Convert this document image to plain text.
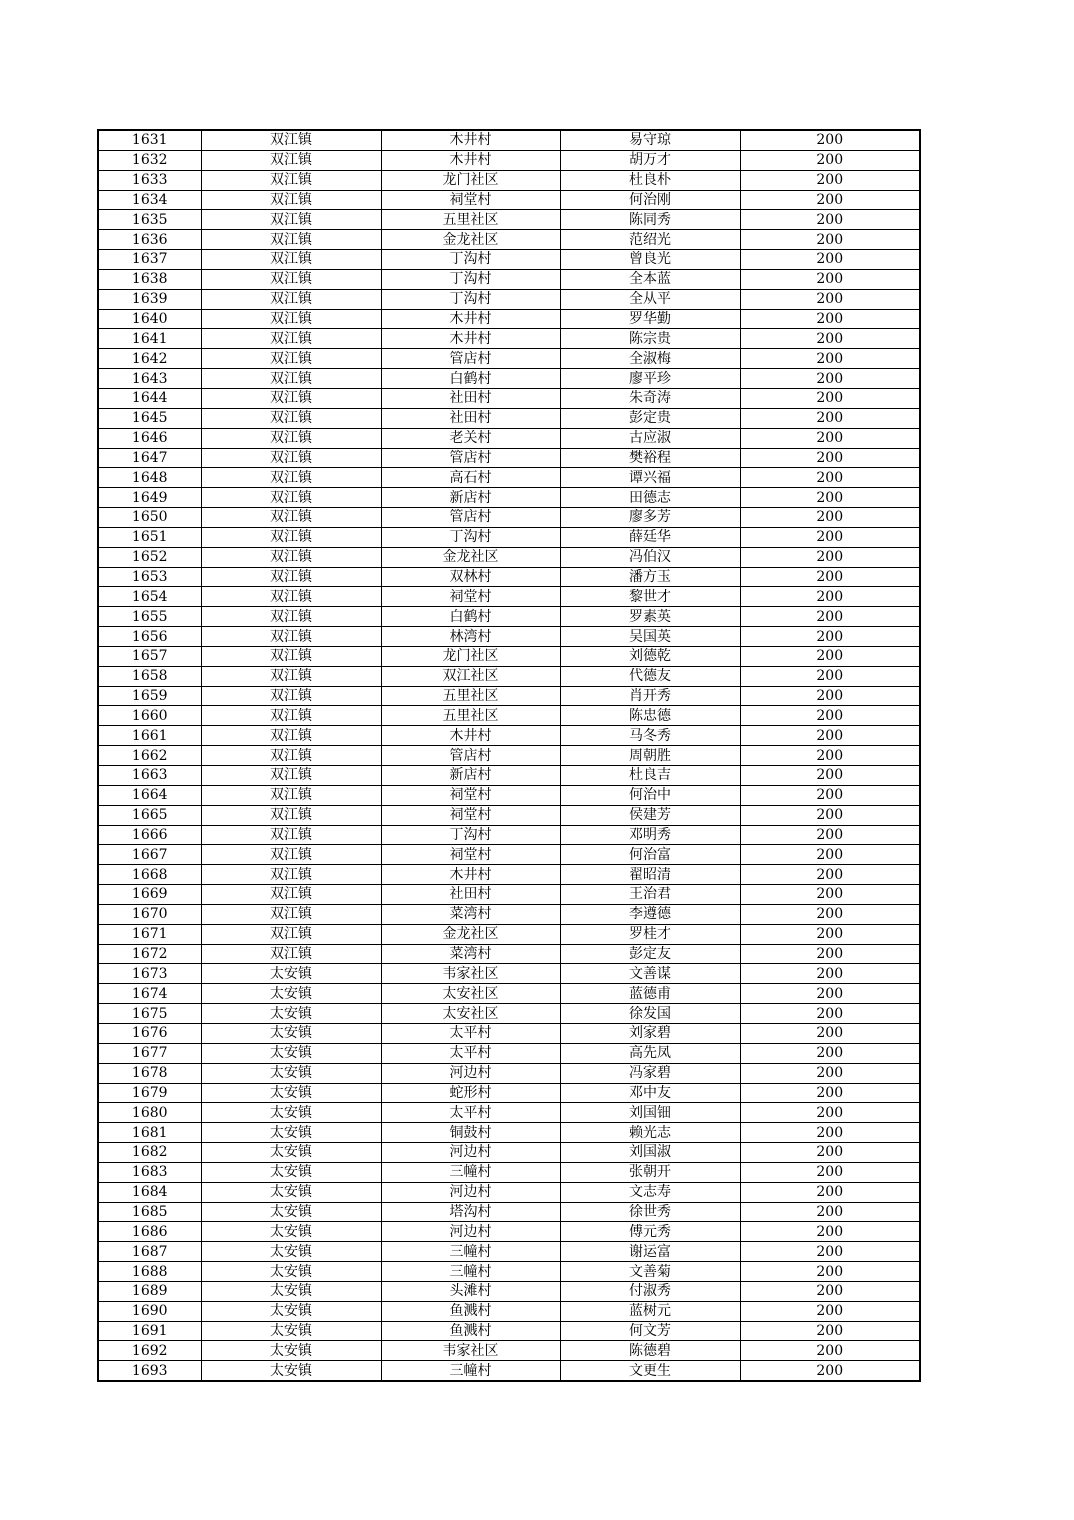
1631	双江镇	木井村	易守琼	200
1632	双江镇	木井村	胡万才	200
1633	双江镇	龙门社区	杜良朴	200
1634	双江镇	祠堂村	何治刚	200
1635	双江镇	五里社区	陈同秀	200
1636	双江镇	金龙社区	范绍光	200
1637	双江镇	丁沟村	曾良光	200
1638	双江镇	丁沟村	全本蓝	200
1639	双江镇	丁沟村	全从平	200
1640	双江镇	木井村	罗华勤	200
1641	双江镇	木井村	陈宗贵	200
1642	双江镇	管店村	全淑梅	200
1643	双江镇	白鹤村	廖平珍	200
1644	双江镇	社田村	朱奇涛	200
1645	双江镇	社田村	彭定贵	200
1646	双江镇	老关村	古应淑	200
1647	双江镇	管店村	樊裕程	200
1648	双江镇	高石村	谭兴福	200
1649	双江镇	新店村	田德志	200
1650	双江镇	管店村	廖多芳	200
1651	双江镇	丁沟村	薛廷华	200
1652	双江镇	金龙社区	冯伯汉	200
1653	双江镇	双林村	潘方玉	200
1654	双江镇	祠堂村	黎世才	200
1655	双江镇	白鹤村	罗素英	200
1656	双江镇	林湾村	吴国英	200
1657	双江镇	龙门社区	刘德乾	200
1658	双江镇	双江社区	代德友	200
1659	双江镇	五里社区	肖开秀	200
1660	双江镇	五里社区	陈忠德	200
1661	双江镇	木井村	马冬秀	200
1662	双江镇	管店村	周朝胜	200
1663	双江镇	新店村	杜良吉	200
1664	双江镇	祠堂村	何治中	200
1665	双江镇	祠堂村	侯建芳	200
1666	双江镇	丁沟村	邓明秀	200
1667	双江镇	祠堂村	何治富	200
1668	双江镇	木井村	翟昭清	200
1669	双江镇	社田村	王治君	200
1670	双江镇	菜湾村	李遵德	200
1671	双江镇	金龙社区	罗桂才	200
1672	双江镇	菜湾村	彭定友	200
1673	太安镇	韦家社区	文善谋	200
1674	太安镇	太安社区	蓝德甫	200
1675	太安镇	太安社区	徐发国	200
1676	太安镇	太平村	刘家碧	200
1677	太安镇	太平村	高先凤	200
1678	太安镇	河边村	冯家碧	200
1679	太安镇	蛇形村	邓中友	200
1680	太安镇	太平村	刘国钿	200
1681	太安镇	铜鼓村	赖光志	200
1682	太安镇	河边村	刘国淑	200
1683	太安镇	三幢村	张朝开	200
1684	太安镇	河边村	文志寿	200
1685	太安镇	塔沟村	徐世秀	200
1686	太安镇	河边村	傅元秀	200
1687	太安镇	三幢村	谢运富	200
1688	太安镇	三幢村	文善菊	200
1689	太安镇	头滩村	付淑秀	200
1690	太安镇	鱼溅村	蓝树元	200
1691	太安镇	鱼溅村	何文芳	200
1692	太安镇	韦家社区	陈德碧	200
1693	太安镇	三幢村	文更生	200
